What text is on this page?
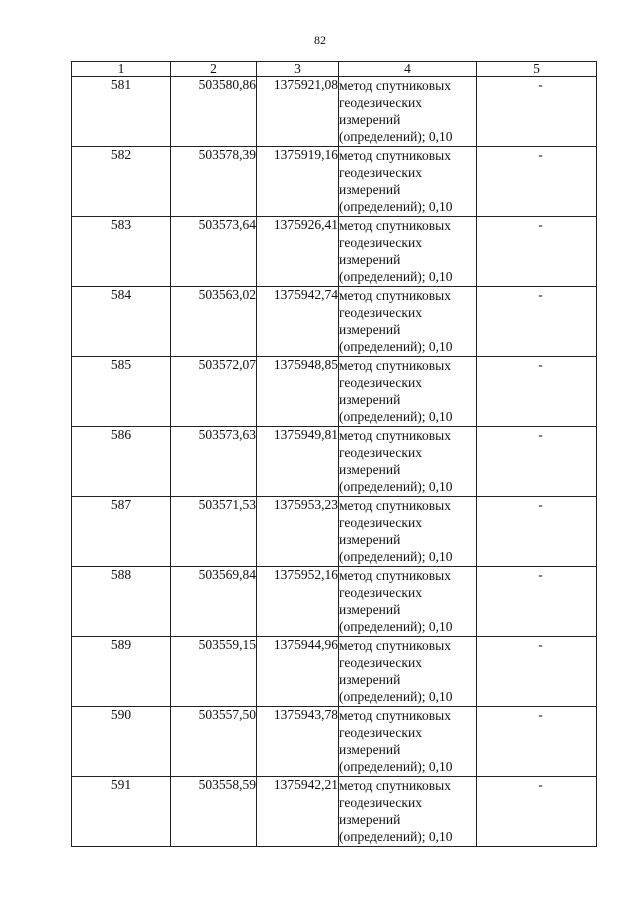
82
1	2	3	4	5
581	503580,86	1375921,08	метод спутниковых
геодезических
измерений
(определений); 0,10	-
582	503578,39	1375919,16	метод спутниковых
геодезических
измерений
(определений); 0,10	-
583	503573,64	1375926,41	метод спутниковых
геодезических
измерений
(определений); 0,10	-
584	503563,02	1375942,74	метод спутниковых
геодезических
измерений
(определений); 0,10	-
585	503572,07	1375948,85	метод спутниковых
геодезических
измерений
(определений); 0,10	-
586	503573,63	1375949,81	метод спутниковых
геодезических
измерений
(определений); 0,10	-
587	503571,53	1375953,23	метод спутниковых
геодезических
измерений
(определений); 0,10	-
588	503569,84	1375952,16	метод спутниковых
геодезических
измерений
(определений); 0,10	-
589	503559,15	1375944,96	метод спутниковых
геодезических
измерений
(определений); 0,10	-
590	503557,50	1375943,78	метод спутниковых
геодезических
измерений
(определений); 0,10	-
591	503558,59	1375942,21	метод спутниковых
геодезических
измерений
(определений); 0,10	-
